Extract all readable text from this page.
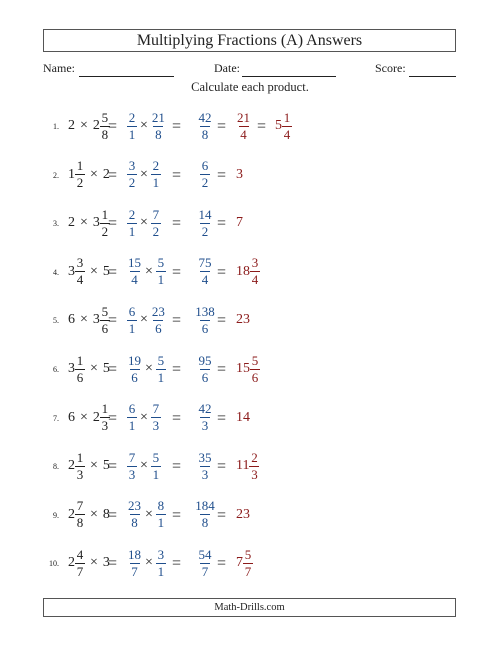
Multiplying Fractions (A) Answers
Name:	Date:	Score:
Calculate each product.
1. $2 \times 2 \frac{5}{8}$
= $\frac{2}{1} \times \frac{21}{8} = \frac{42}{8} = \frac{21}{4} = 5 \frac{1}{4}$
2. $1 \frac{1}{2} \times 2$
= $\frac{3}{2} \times \frac{2}{1} = \frac{6}{2} = 3$
3. $2 \times 3 \frac{1}{2}$
= $\frac{2}{1} \times \frac{7}{2} = \frac{14}{2} = 7$
4. $3 \frac{3}{4} \times 5$
= $\frac{15}{4} \times \frac{5}{1} = \frac{75}{4} = 18 \frac{3}{4}$
5. $6 \times 3 \frac{5}{6}$
= $\frac{6}{1} \times \frac{23}{6} = \frac{138}{6} = 23$
6. $3 \frac{1}{6} \times 5$
= $\frac{19}{6} \times \frac{5}{1} = \frac{95}{6} = 15 \frac{5}{6}$
7. $6 \times 2 \frac{1}{3}$
= $\frac{6}{1} \times \frac{7}{3} = \frac{42}{3} = 14$
8. $2 \frac{1}{3} \times 5$
= $\frac{7}{3} \times \frac{5}{1} = \frac{35}{3} = 11 \frac{2}{3}$
9. $2 \frac{7}{8} \times 8$
= $\frac{23}{8} \times \frac{8}{1} = \frac{184}{8} = 23$
10. $2 \frac{4}{7} \times 3$
= $\frac{18}{7} \times \frac{3}{1} = \frac{54}{7} = 7 \frac{5}{7}$
Math-Drills.com
